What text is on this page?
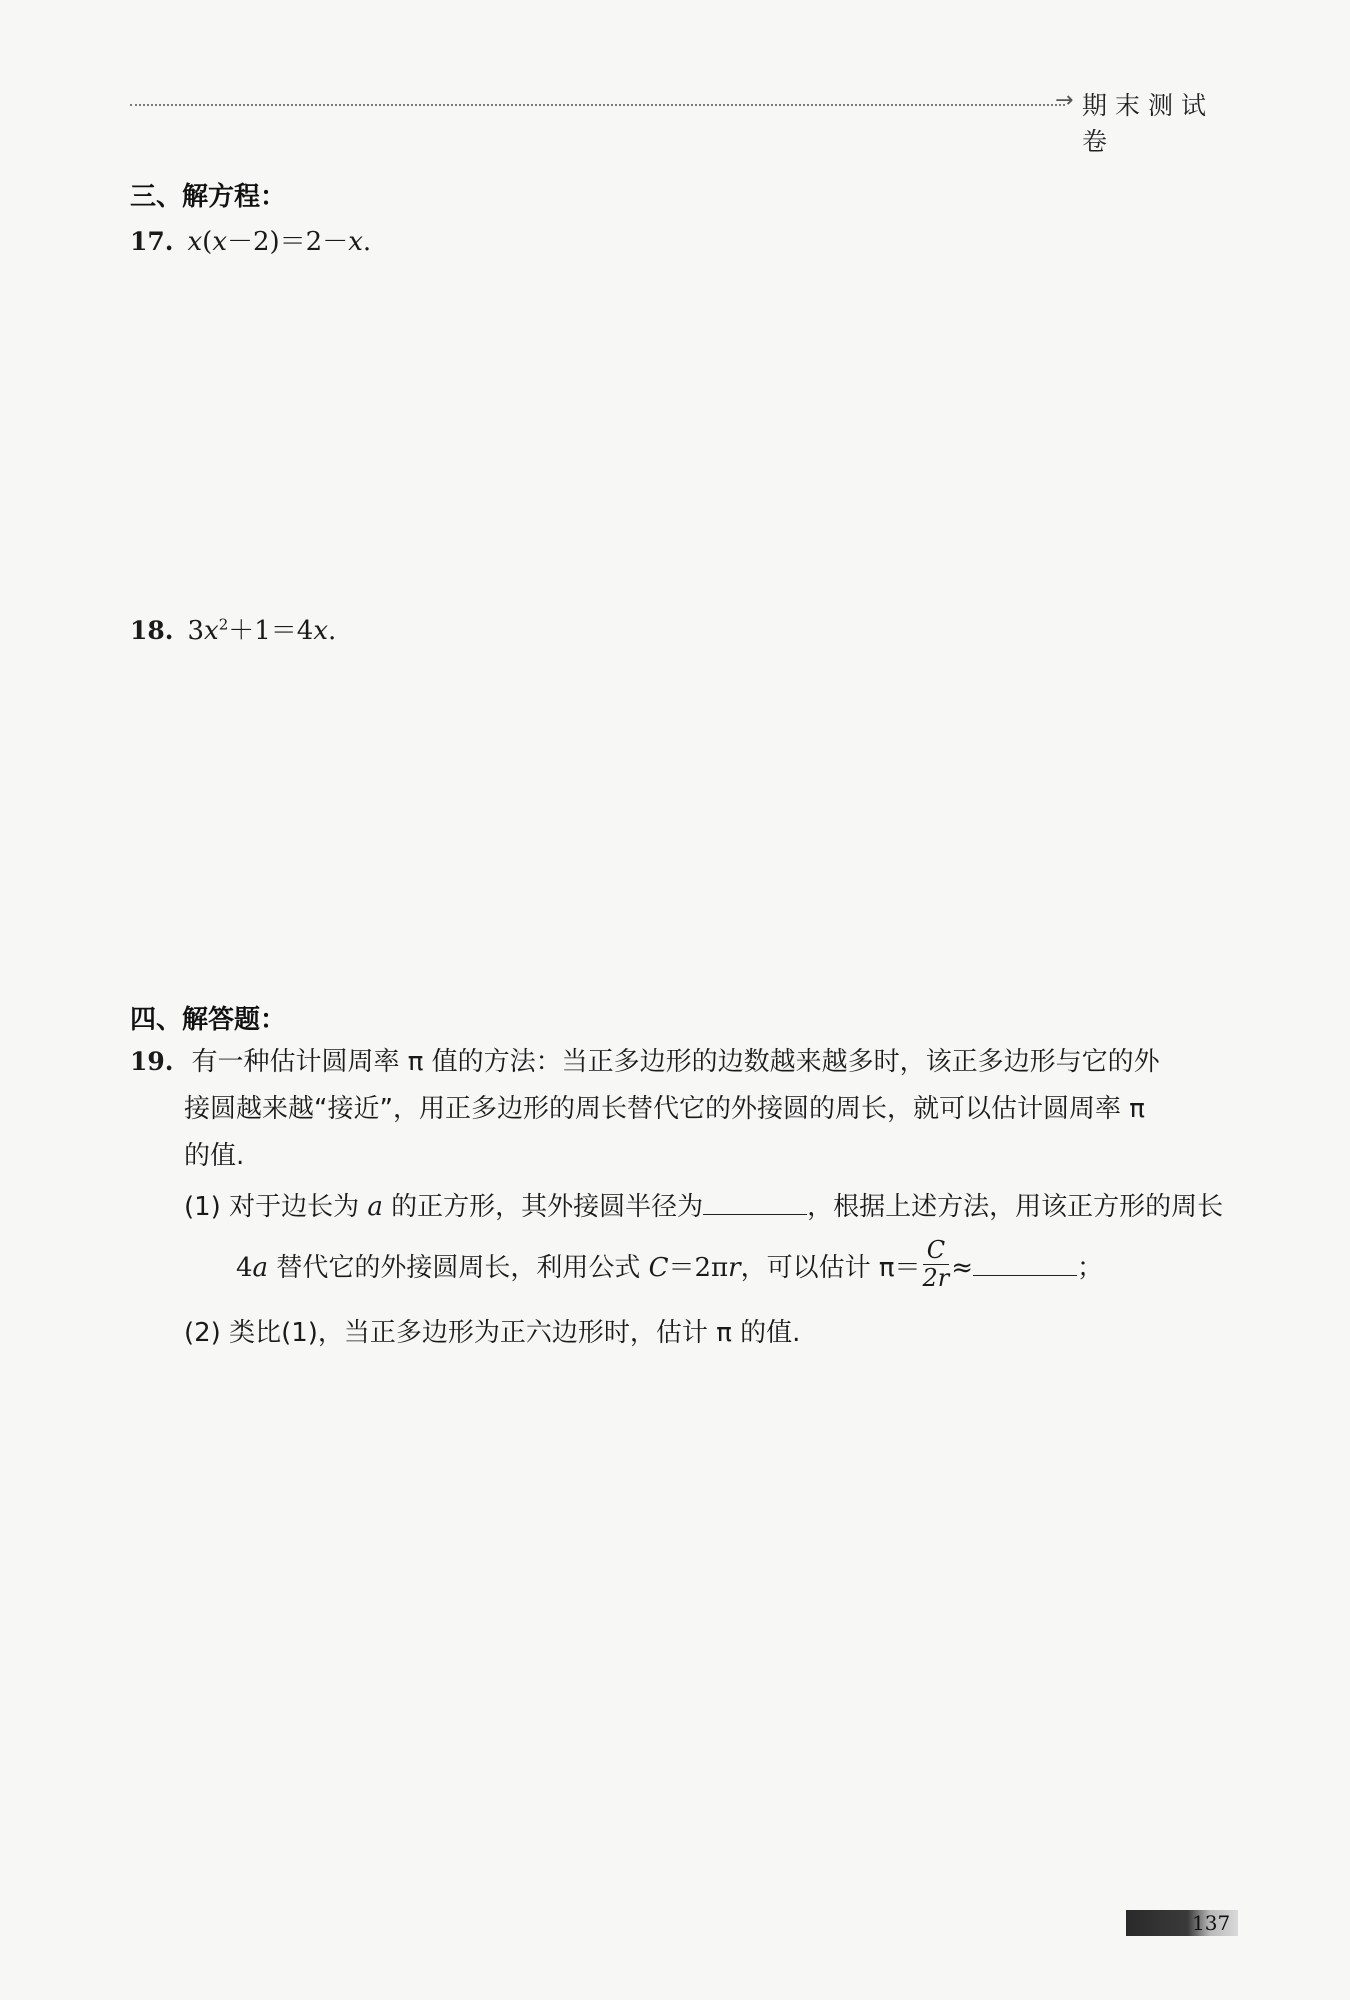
→ 期末测试卷
三、解方程：
17. x(x－2)＝2－x.
18. $3x^2+1=4x$.
四、解答题：
19. 有一种估计圆周率 π 值的方法：当正多边形的边数越来越多时，该正多边形与它的外
接圆越来越“接近”，用正多边形的周长替代它的外接圆的周长，就可以估计圆周率 π
的值.
(1) 对于边长为 a 的正方形，其外接圆半径为	，根据上述方法，用该正方形的周长
4a 替代它的外接圆周长，利用公式 C＝2πr，可以估计 $\pi= \frac{C}{2r}$ ≈	；
(2) 类比(1)，当正多边形为正六边形时，估计 π 的值.
137
